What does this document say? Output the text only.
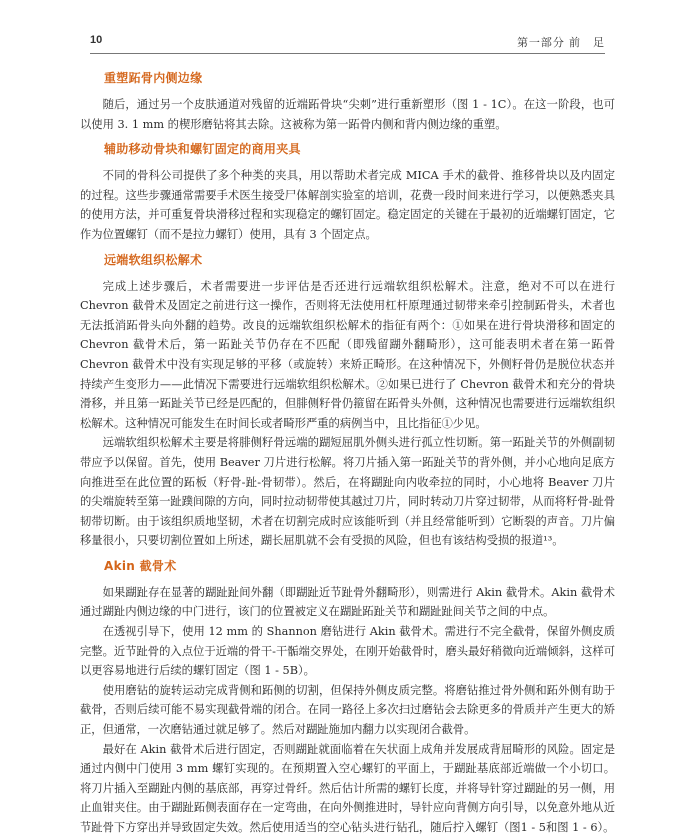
10	第一部分 前　足
重塑跖骨内侧边缘

随后，通过另一个皮肤通道对残留的近端跖骨块“尖刺”进行重新塑形（图 1 - 1C）。在这一阶段，也可以使用 3. 1 mm 的楔形磨钻将其去除。这被称为第一跖骨内侧和背内侧边缘的重塑。

辅助移动骨块和螺钉固定的商用夹具

不同的骨科公司提供了多个种类的夹具，用以帮助术者完成 MICA 手术的截骨、推移骨块以及内固定的过程。这些步骤通常需要手术医生接受尸体解剖实验室的培训，花费一段时间来进行学习，以便熟悉夹具的使用方法，并可重复骨块滑移过程和实现稳定的螺钉固定。稳定固定的关键在于最初的近端螺钉固定，它作为位置螺钉（而不是拉力螺钉）使用，具有 3 个固定点。

远端软组织松解术

完成上述步骤后，术者需要进一步评估是否还进行远端软组织松解术。注意，绝对不可以在进行 Chevron 截骨术及固定之前进行这一操作，否则将无法使用杠杆原理通过韧带来牵引控制跖骨头，术者也无法抵消跖骨头向外翻的趋势。改良的远端软组织松解术的指征有两个：①如果在进行骨块滑移和固定的 Chevron 截骨术后，第一跖趾关节仍存在不匹配（即残留䠒外翻畸形），这可能表明术者在第一跖骨 Chevron 截骨术中没有实现足够的平移（或旋转）来矫正畸形。在这种情况下，外侧籽骨仍是脱位状态并持续产生变形力——此情况下需要进行远端软组织松解术。②如果已进行了 Chevron 截骨术和充分的骨块滑移，并且第一跖趾关节已经是匹配的，但腓侧籽骨仍箍留在跖骨头外侧，这种情况也需要进行远端软组织松解术。这种情况可能发生在时间长或者畸形严重的病例当中，且比指征①少见。

远端软组织松解术主要是将腓侧籽骨远端的䠒短屈肌外侧头进行孤立性切断。第一跖趾关节的外侧副韧带应予以保留。首先，使用 Beaver 刀片进行松解。将刀片插入第一跖趾关节的背外侧，并小心地向足底方向推进至在此位置的跖板（籽骨-趾-骨韧带）。然后，在将䠒趾向内收牵拉的同时，小心地将 Beaver 刀片的尖端旋转至第一趾蹼间隙的方向，同时拉动韧带使其越过刀片，同时转动刀片穿过韧带，从而将籽骨-趾骨韧带切断。由于该组织质地坚韧，术者在切割完成时应该能听到（并且经常能听到）它断裂的声音。刀片偏移量很小，只要切割位置如上所述，䠒长屈肌就不会有受损的风险，但也有该结构受损的报道¹³。

Akin 截骨术

如果䠒趾存在显著的䠒趾趾间外翻（即䠒趾近节趾骨外翻畸形），则需进行 Akin 截骨术。Akin 截骨术通过䠒趾内侧边缘的中门进行，该门的位置被定义在䠒趾跖趾关节和䠒趾趾间关节之间的中点。

在透视引导下，使用 12 mm 的 Shannon 磨钻进行 Akin 截骨术。需进行不完全截骨，保留外侧皮质完整。近节趾骨的入点位于近端的骨干-干骺端交界处，在刚开始截骨时，磨头最好稍微向近端倾斜，这样可以更容易地进行后续的螺钉固定（图 1 - 5B）。

使用磨钻的旋转运动完成背侧和跖侧的切割，但保持外侧皮质完整。将磨钻推过骨外侧和跖外侧有助于截骨，否则后续可能不易实现截骨端的闭合。在同一路径上多次扫过磨钻会去除更多的骨质并产生更大的矫正，但通常，一次磨钻通过就足够了。然后对䠒趾施加内翻力以实现闭合截骨。

最好在 Akin 截骨术后进行固定，否则䠒趾就面临着在矢状面上成角并发展成背屈畸形的风险。固定是通过内侧中门使用 3 mm 螺钉实现的。在预期置入空心螺钉的平面上，于䠒趾基底部近端做一个小切口。将刀片插入至䠒趾内侧的基底部，再穿过骨纤。然后估计所需的螺钉长度，并将导针穿过䠒趾的另一侧，用止血钳夹住。由于䠒趾跖侧表面存在一定弯曲，在向外侧推进时，导针应向背侧方向引导，以免意外地从近节趾骨下方穿出并导致固定失效。然后使用适当的空心钻头进行钻孔，随后拧入螺钉（图1 - 5和图 1 - 6）。
